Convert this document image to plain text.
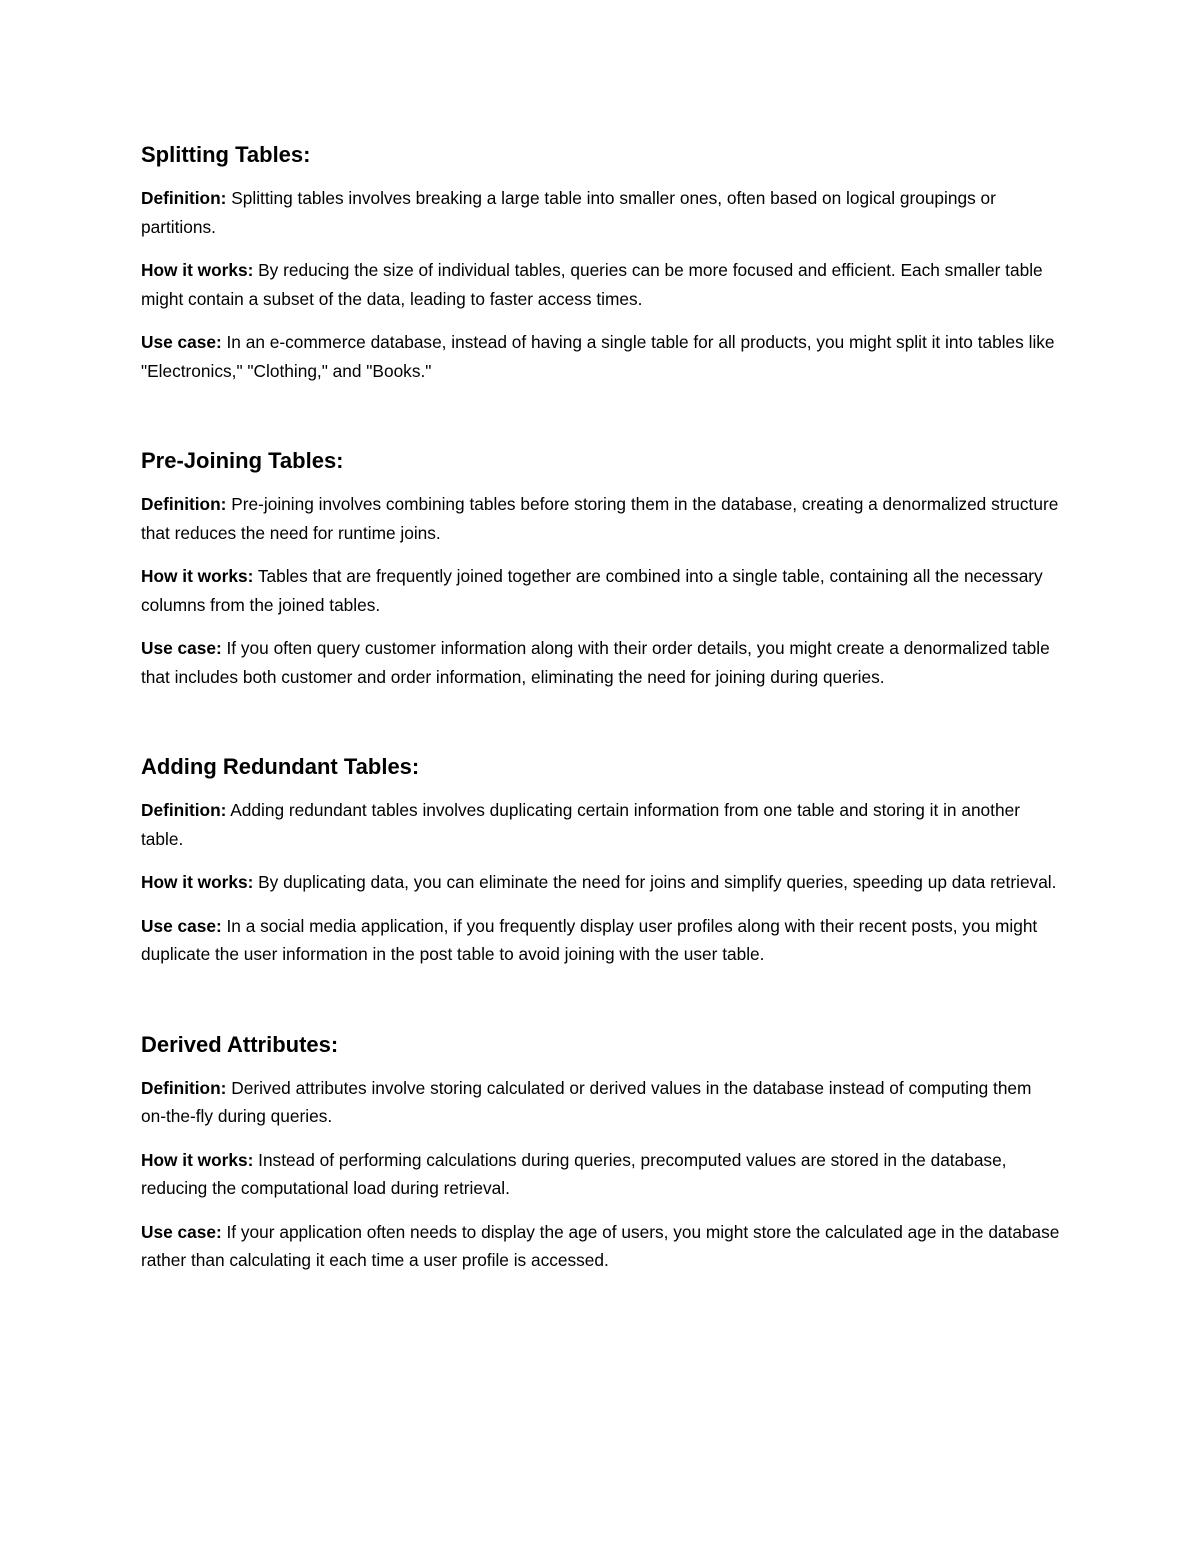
Splitting Tables:

Definition: Splitting tables involves breaking a large table into smaller ones, often based on logical groupings or partitions.

How it works: By reducing the size of individual tables, queries can be more focused and efficient. Each smaller table might contain a subset of the data, leading to faster access times.

Use case: In an e-commerce database, instead of having a single table for all products, you might split it into tables like "Electronics," "Clothing," and "Books."

Pre-Joining Tables:

Definition: Pre-joining involves combining tables before storing them in the database, creating a denormalized structure that reduces the need for runtime joins.

How it works: Tables that are frequently joined together are combined into a single table, containing all the necessary columns from the joined tables.

Use case: If you often query customer information along with their order details, you might create a denormalized table that includes both customer and order information, eliminating the need for joining during queries.

Adding Redundant Tables:

Definition: Adding redundant tables involves duplicating certain information from one table and storing it in another table.

How it works: By duplicating data, you can eliminate the need for joins and simplify queries, speeding up data retrieval.

Use case: In a social media application, if you frequently display user profiles along with their recent posts, you might duplicate the user information in the post table to avoid joining with the user table.

Derived Attributes:

Definition: Derived attributes involve storing calculated or derived values in the database instead of computing them on-the-fly during queries.

How it works: Instead of performing calculations during queries, precomputed values are stored in the database, reducing the computational load during retrieval.

Use case: If your application often needs to display the age of users, you might store the calculated age in the database rather than calculating it each time a user profile is accessed.
